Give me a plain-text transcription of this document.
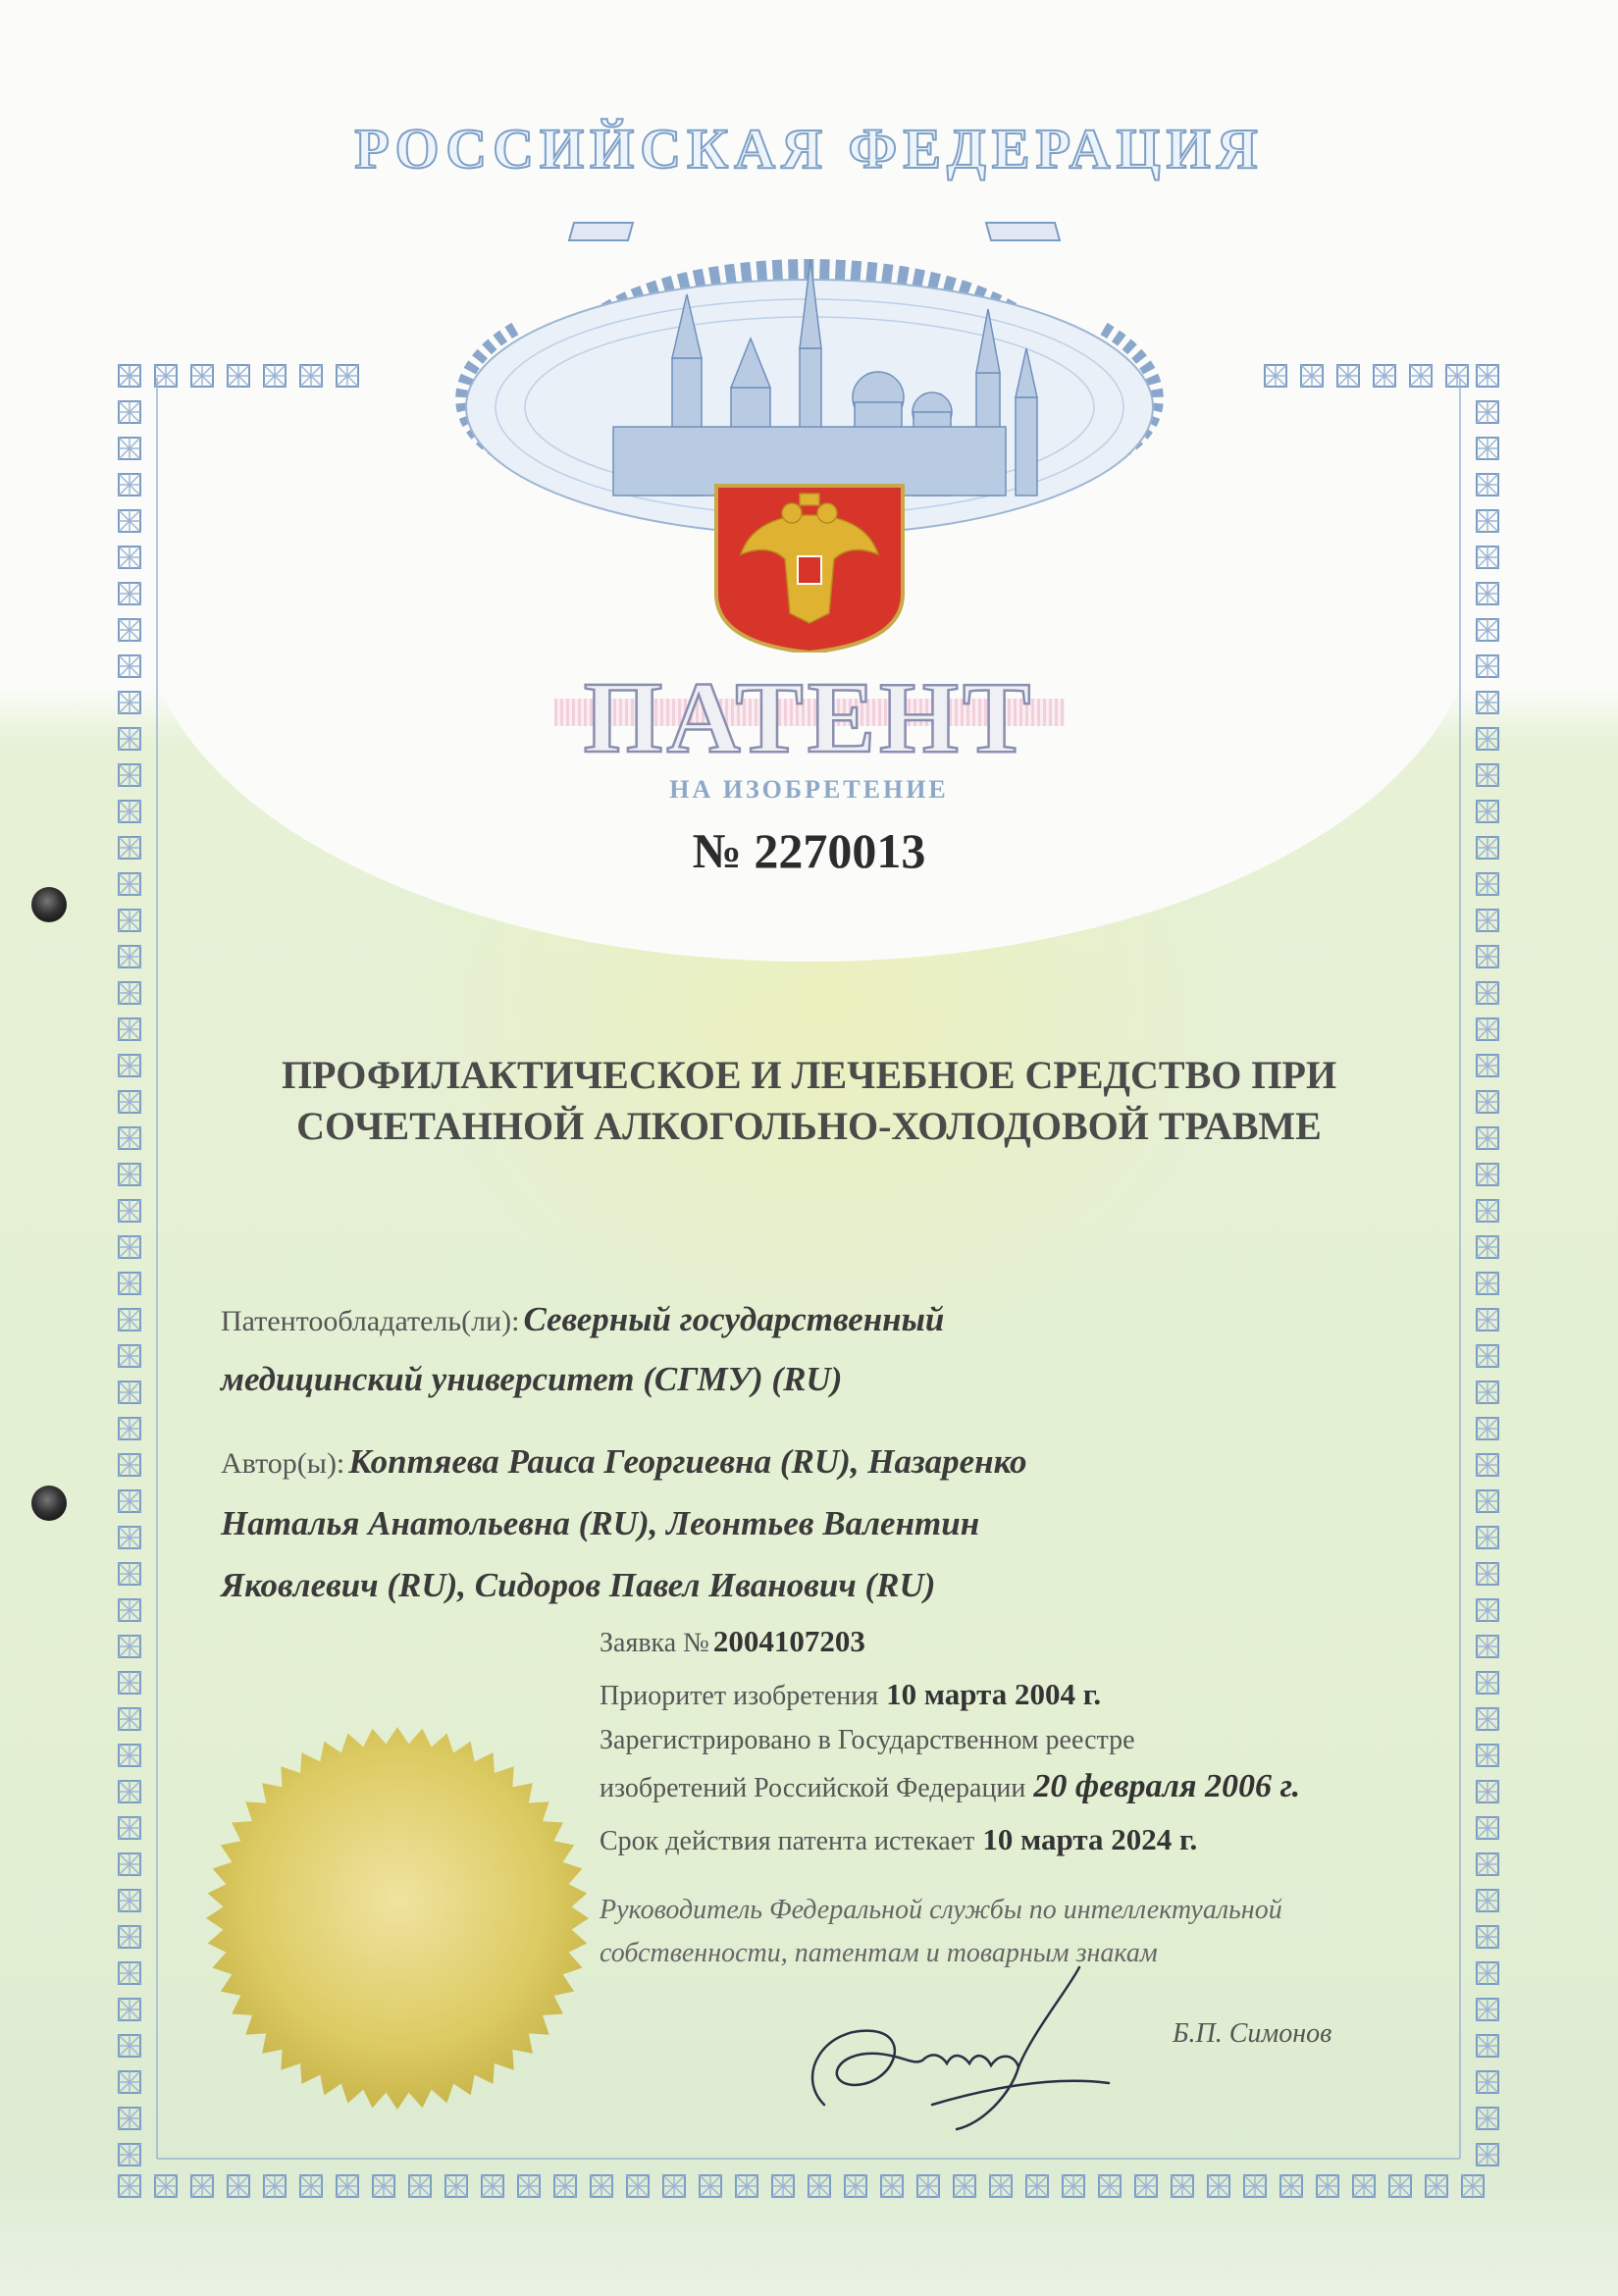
РОССИЙСКАЯ ФЕДЕРАЦИЯ
ПАТЕНТ
НА ИЗОБРЕТЕНИЕ
№ 2270013
ПРОФИЛАКТИЧЕСКОЕ И ЛЕЧЕБНОЕ СРЕДСТВО ПРИ
СОЧЕТАННОЙ АЛКОГОЛЬНО-ХОЛОДОВОЙ ТРАВМЕ
Патентообладатель(ли): Северный государственный
медицинский университет (СГМУ) (RU)
Автор(ы): Коптяева Раиса Георгиевна (RU), Назаренко
Наталья Анатольевна (RU), Леонтьев Валентин
Яковлевич (RU), Сидоров Павел Иванович (RU)
Заявка № 2004107203
Приоритет изобретения 10 марта 2004 г.
Зарегистрировано в Государственном реестре
изобретений Российской Федерации 20 февраля 2006 г.
Срок действия патента истекает 10 марта 2024 г.
Руководитель Федеральной службы по интеллектуальной
собственности, патентам и товарным знакам
Б.П. Симонов
